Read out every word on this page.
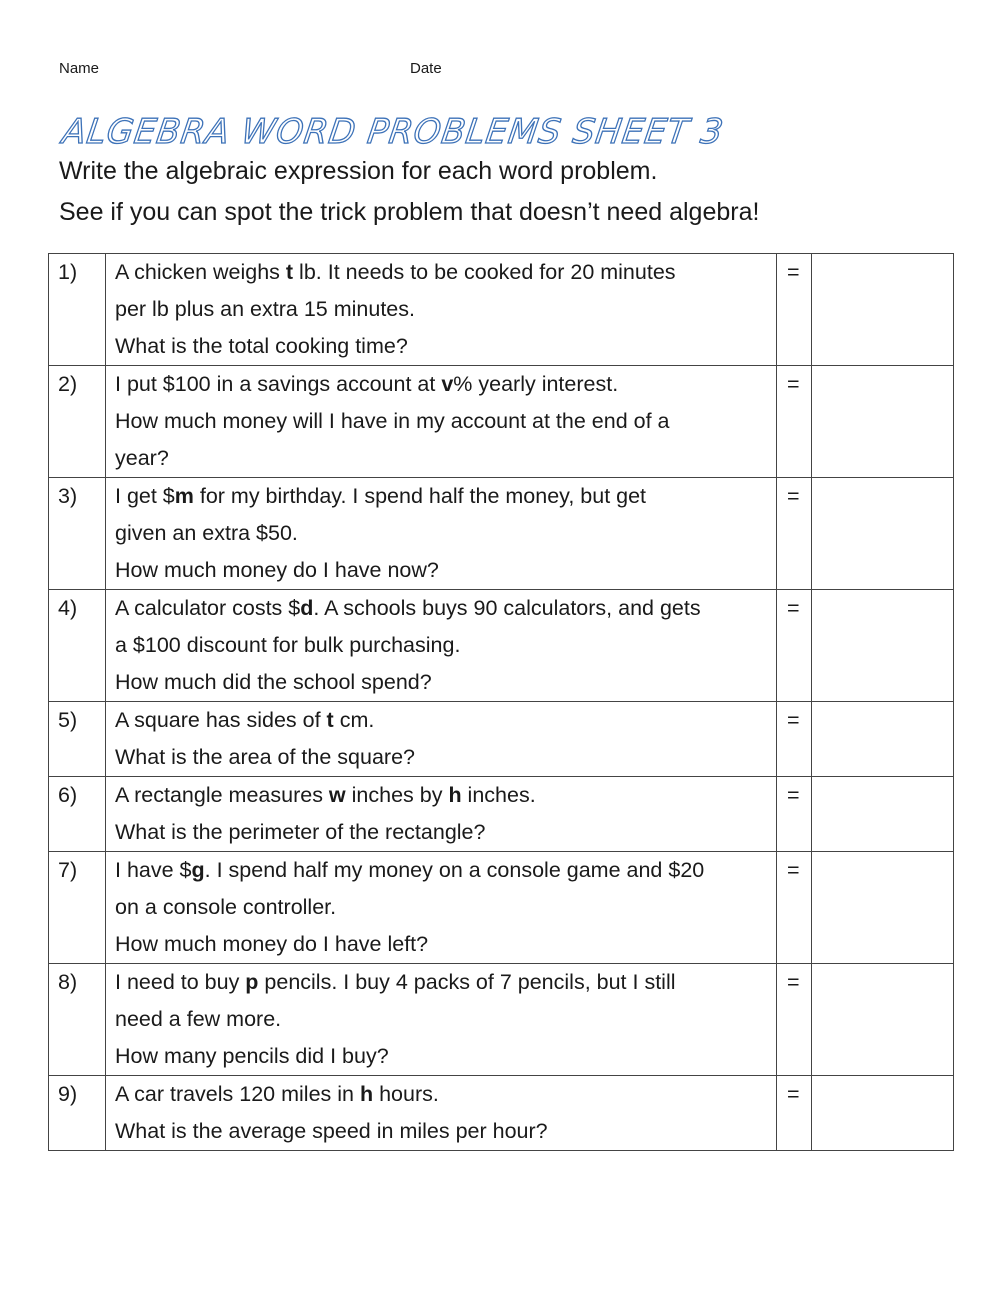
Name	Date
ALGEBRA WORD PROBLEMS SHEET 3
Write the algebraic expression for each word problem.
See if you can spot the trick problem that doesn’t need algebra!
1)	A chicken weighs t lb. It needs to be cooked for 20 minutes
per lb plus an extra 15 minutes.
What is the total cooking time?	=	
2)	I put $100 in a savings account at v% yearly interest.
How much money will I have in my account at the end of a
year?	=	
3)	I get $m for my birthday. I spend half the money, but get
given an extra $50.
How much money do I have now?	=	
4)	A calculator costs $d. A schools buys 90 calculators, and gets
a $100 discount for bulk purchasing.
How much did the school spend?	=	
5)	A square has sides of t cm.
What is the area of the square?	=	
6)	A rectangle measures w inches by h inches.
What is the perimeter of the rectangle?	=	
7)	I have $g. I spend half my money on a console game and $20
on a console controller.
How much money do I have left?	=	
8)	I need to buy p pencils. I buy 4 packs of 7 pencils, but I still
need a few more.
How many pencils did I buy?	=	
9)	A car travels 120 miles in h hours.
What is the average speed in miles per hour?	=	
